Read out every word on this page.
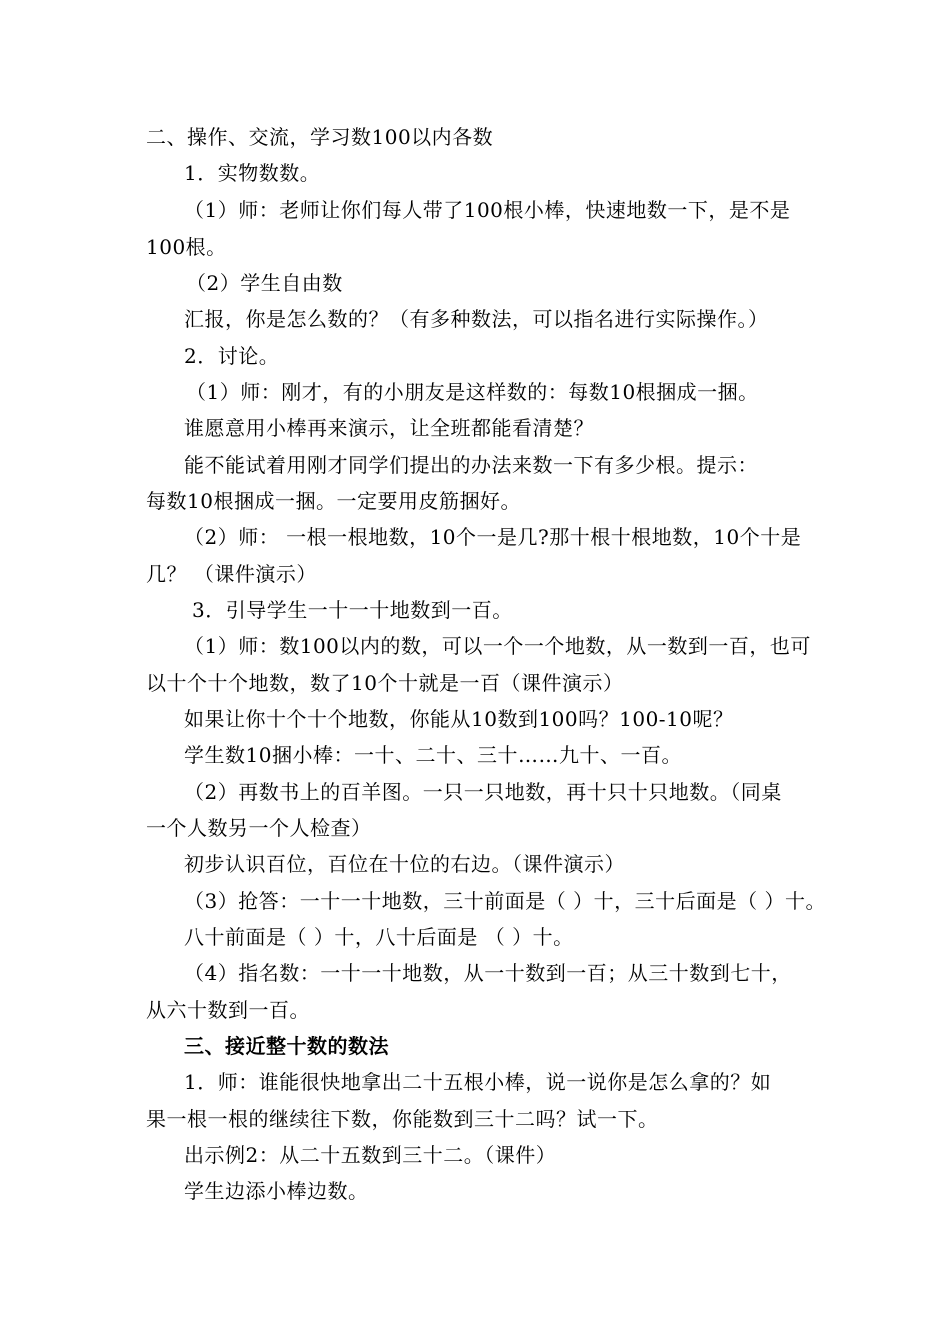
二、操作、交流，学习数100以内各数
1．实物数数。
（1）师：老师让你们每人带了100根小棒，快速地数一下，是不是
100根。
（2）学生自由数
汇报，你是怎么数的？（有多种数法，可以指名进行实际操作。）
2．讨论。
（1）师：刚才，有的小朋友是这样数的：每数10根捆成一捆。
谁愿意用小棒再来演示，让全班都能看清楚？
能不能试着用刚才同学们提出的办法来数一下有多少根。提示：
每数10根捆成一捆。一定要用皮筋捆好。
（2）师： 一根一根地数，10个一是几?那十根十根地数，10个十是
几？ （课件演示）
3．引导学生一十一十地数到一百。
（1）师：数100以内的数，可以一个一个地数，从一数到一百，也可
以十个十个地数，数了10个十就是一百（课件演示）
如果让你十个十个地数，你能从10数到100吗？100-10呢？
学生数10捆小棒：一十、二十、三十……九十、一百。
（2）再数书上的百羊图。一只一只地数，再十只十只地数。（同桌
一个人数另一个人检查）
初步认识百位，百位在十位的右边。（课件演示）
（3）抢答：一十一十地数，三十前面是（ ）十，三十后面是（ ）十。
八十前面是（ ）十，八十后面是 （ ）十。
（4）指名数：一十一十地数，从一十数到一百；从三十数到七十，
从六十数到一百。
三、接近整十数的数法
1．师：谁能很快地拿出二十五根小棒，说一说你是怎么拿的？如
果一根一根的继续往下数，你能数到三十二吗？试一下。
出示例2：从二十五数到三十二。（课件）
学生边添小棒边数。
